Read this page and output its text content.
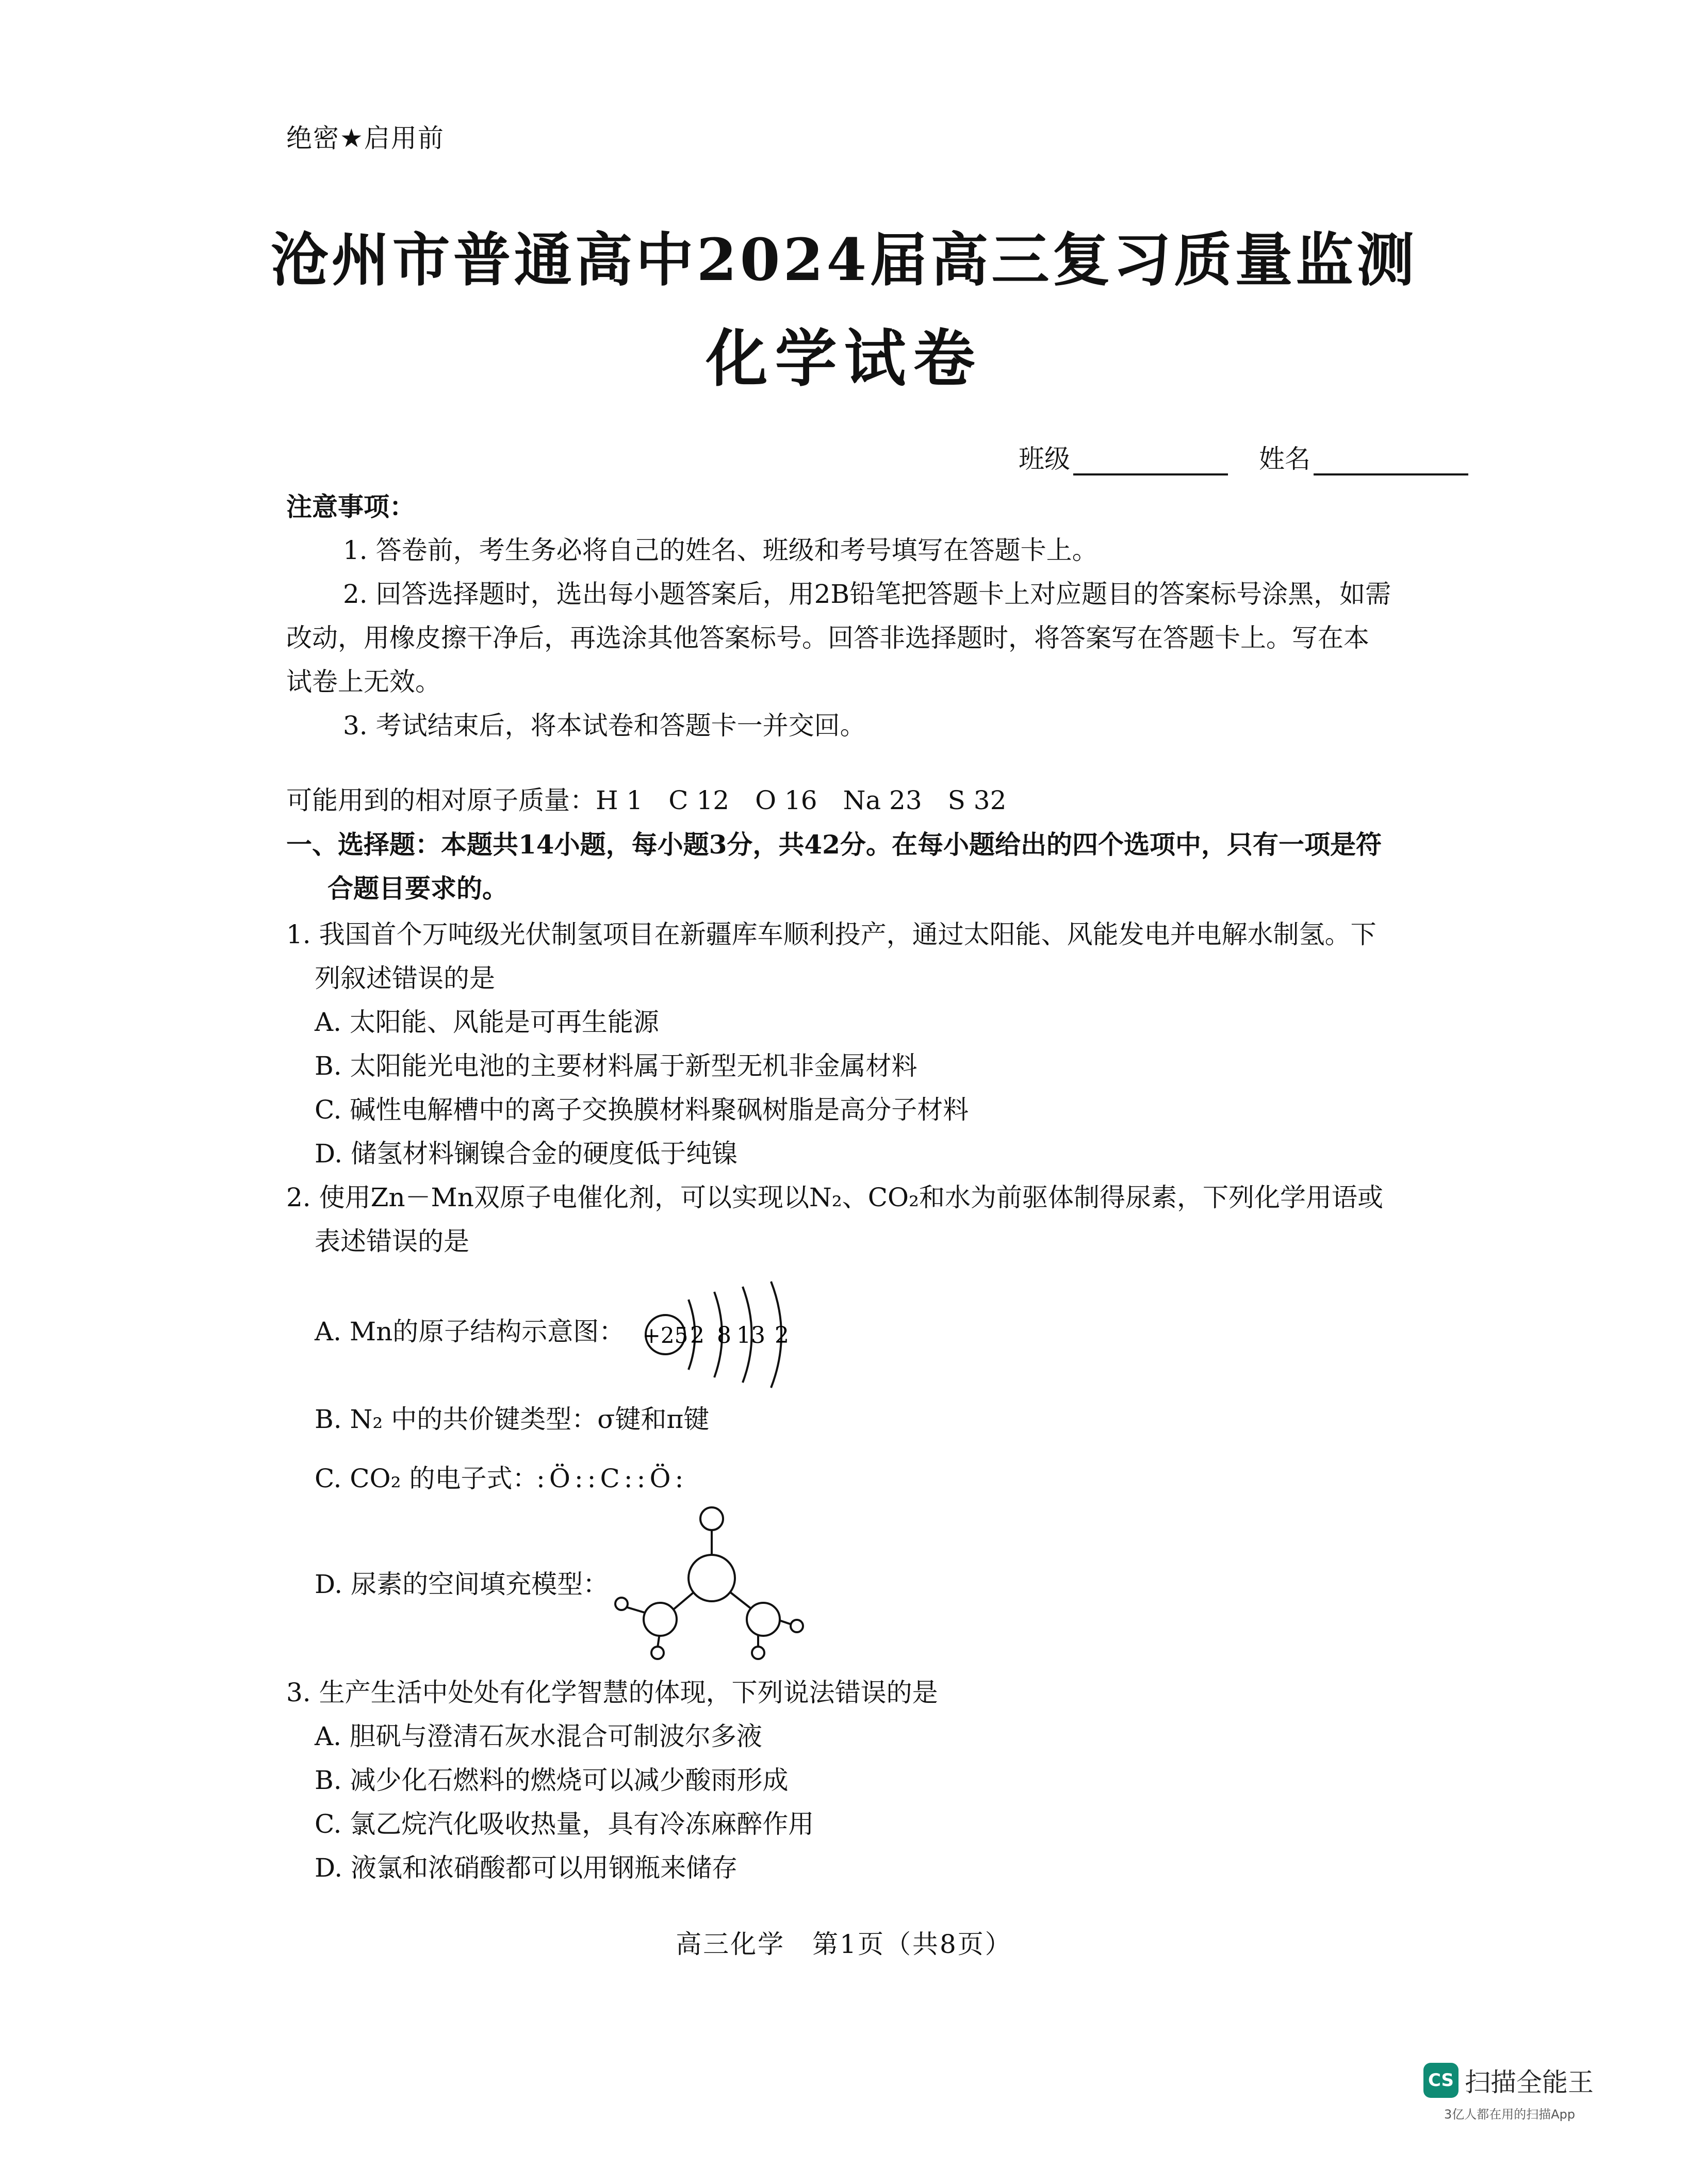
绝密★启用前
沧州市普通高中2024届高三复习质量监测
化学试卷
班级	姓名
注意事项：
1. 答卷前，考生务必将自己的姓名、班级和考号填写在答题卡上。
2. 回答选择题时，选出每小题答案后，用2B铅笔把答题卡上对应题目的答案标号涂黑，如需
改动，用橡皮擦干净后，再选涂其他答案标号。回答非选择题时，将答案写在答题卡上。写在本
试卷上无效。
3. 考试结束后，将本试卷和答题卡一并交回。
可能用到的相对原子质量：H 1　C 12　O 16　Na 23　S 32
一、选择题：本题共14小题，每小题3分，共42分。在每小题给出的四个选项中，只有一项是符
合题目要求的。
1. 我国首个万吨级光伏制氢项目在新疆库车顺利投产，通过太阳能、风能发电并电解水制氢。下
列叙述错误的是
A. 太阳能、风能是可再生能源
B. 太阳能光电池的主要材料属于新型无机非金属材料
C. 碱性电解槽中的离子交换膜材料聚砜树脂是高分子材料
D. 储氢材料镧镍合金的硬度低于纯镍
2. 使用Zn－Mn双原子电催化剂，可以实现以N₂、CO₂和水为前驱体制得尿素，下列化学用语或
表述错误的是
A. Mn的原子结构示意图： +25 2 8 13 2
B. N₂ 中的共价键类型：σ键和π键
C. CO₂ 的电子式：
:Ö::C::Ö:
D. 尿素的空间填充模型：
3. 生产生活中处处有化学智慧的体现，下列说法错误的是
A. 胆矾与澄清石灰水混合可制波尔多液
B. 减少化石燃料的燃烧可以减少酸雨形成
C. 氯乙烷汽化吸收热量，具有冷冻麻醉作用
D. 液氯和浓硝酸都可以用钢瓶来储存
高三化学　第1页（共8页）
CS 扫描全能王
3亿人都在用的扫描App
